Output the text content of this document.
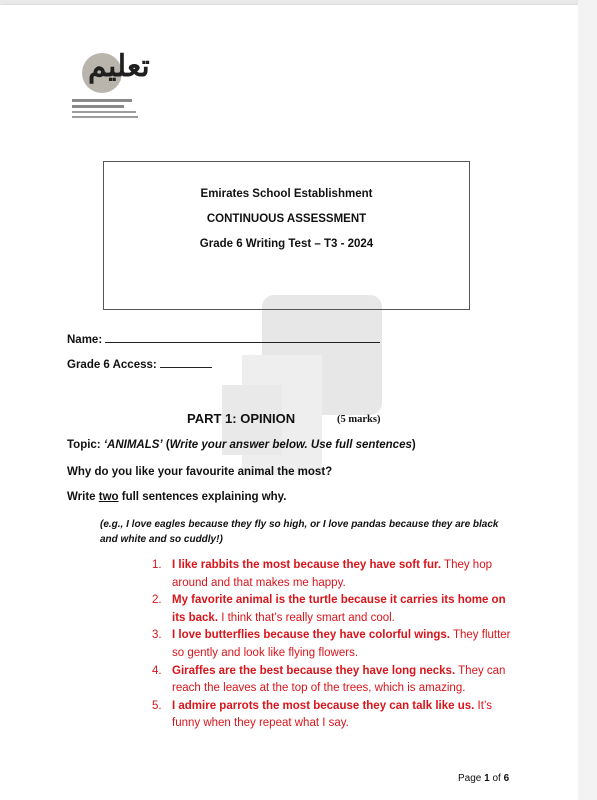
تعليم
Emirates School Establishment
CONTINUOUS ASSESSMENT
Grade 6 Writing Test – T3 - 2024
Name:
Grade 6 Access:
PART 1: OPINION	(5 marks)
Topic: ‘ANIMALS’ (Write your answer below. Use full sentences)
Why do you like your favourite animal the most?
Write two full sentences explaining why.
(e.g., I love eagles because they fly so high, or I love pandas because they are black and white and so cuddly!)
1. I like rabbits the most because they have soft fur. They hop around and that makes me happy.
2. My favorite animal is the turtle because it carries its home on its back. I think that’s really smart and cool.
3. I love butterflies because they have colorful wings. They flutter so gently and look like flying flowers.
4. Giraffes are the best because they have long necks. They can reach the leaves at the top of the trees, which is amazing.
5. I admire parrots the most because they can talk like us. It’s funny when they repeat what I say.
Page 1 of 6
